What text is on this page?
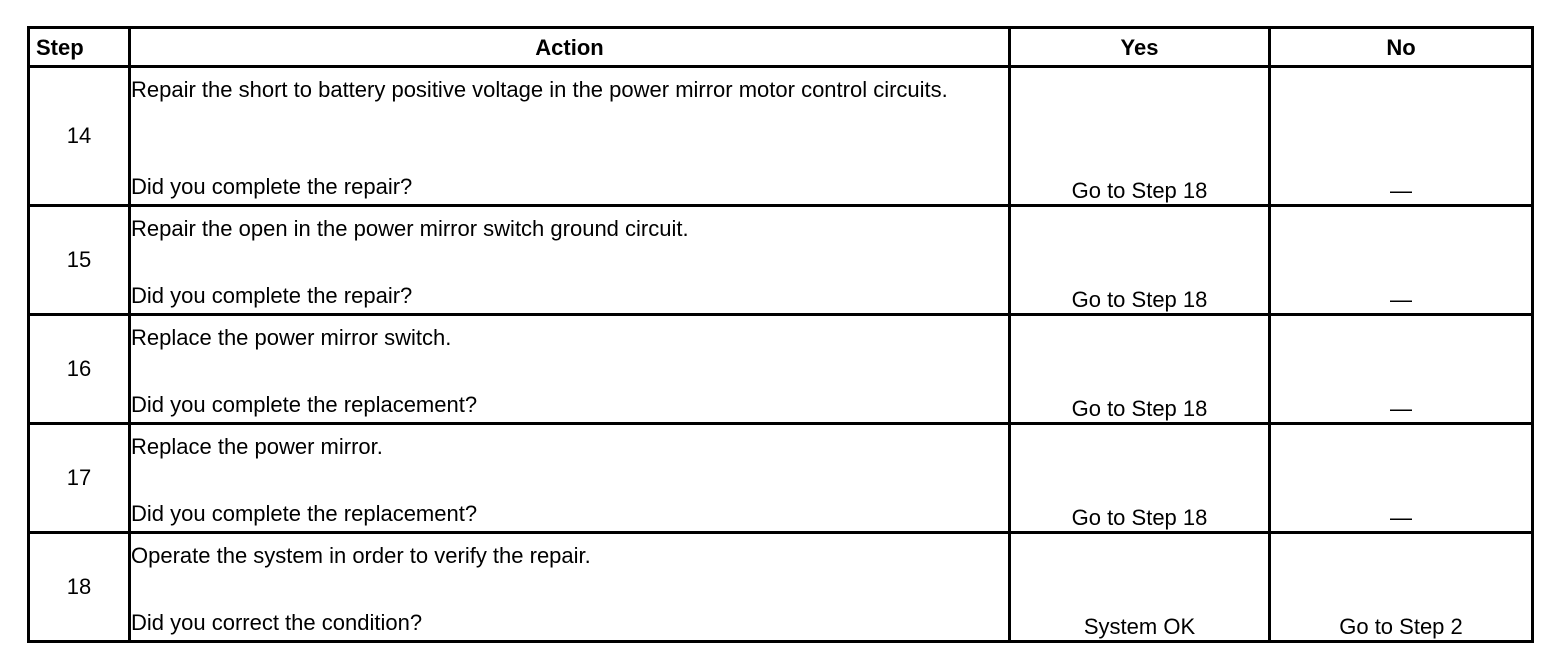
Step	Action	Yes	No
14	Repair the short to battery positive voltage in the power mirror motor control circuits.
Did you complete the repair?	Go to Step 18	—
15	Repair the open in the power mirror switch ground circuit.
Did you complete the repair?	Go to Step 18	—
16	Replace the power mirror switch.
Did you complete the replacement?	Go to Step 18	—
17	Replace the power mirror.
Did you complete the replacement?	Go to Step 18	—
18	Operate the system in order to verify the repair.
Did you correct the condition?	System OK	Go to Step 2
